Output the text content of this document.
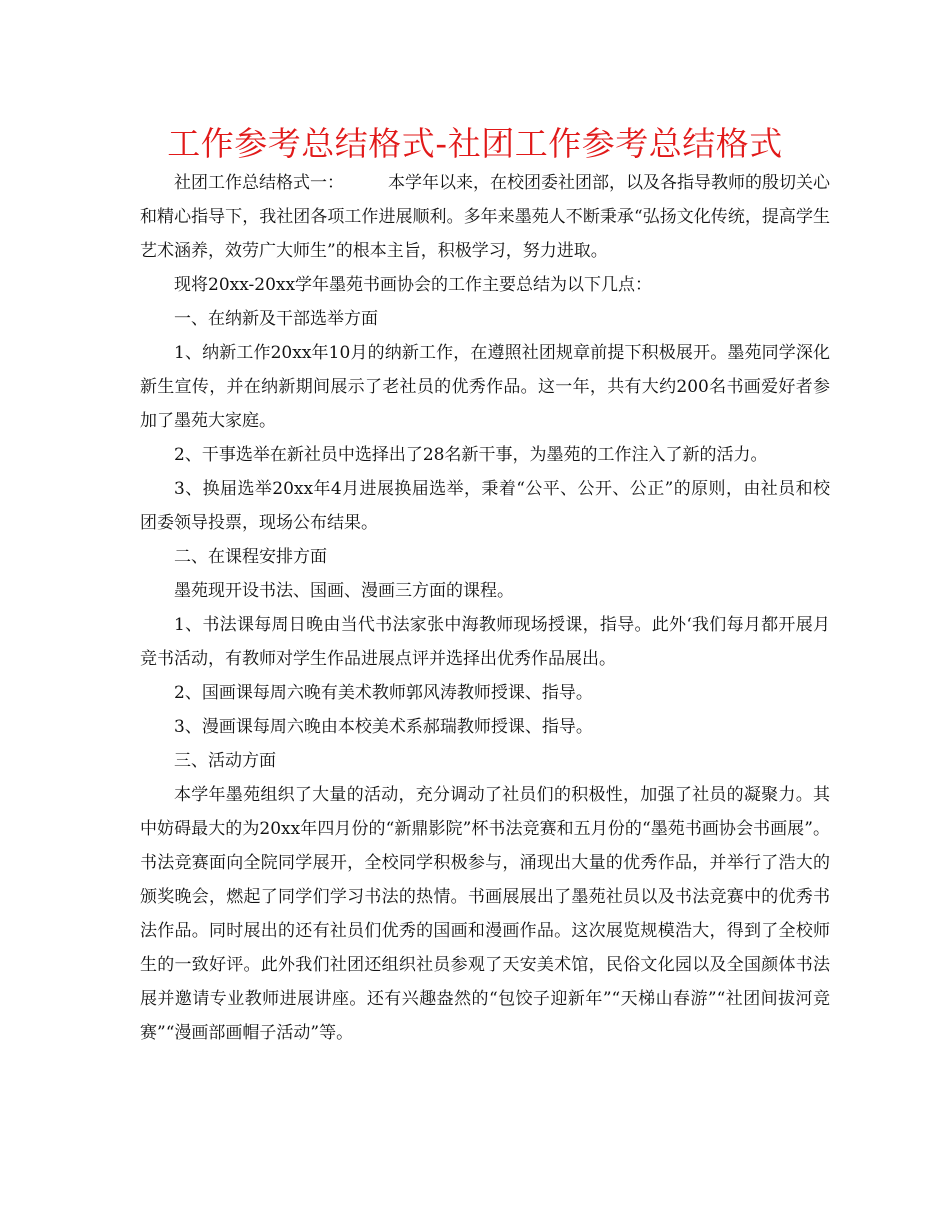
工作参考总结格式-社团工作参考总结格式

社团工作总结格式一：	本学年以来，在校团委社团部，以及各指导教师的殷切关心和精心指导下，我社团各项工作进展顺利。多年来墨苑人不断秉承“弘扬文化传统，提高学生艺术涵养，效劳广大师生”的根本主旨，积极学习，努力进取。

现将20xx-20xx学年墨苑书画协会的工作主要总结为以下几点：

一、在纳新及干部选举方面

1、纳新工作20xx年10月的纳新工作，在遵照社团规章前提下积极展开。墨苑同学深化新生宣传，并在纳新期间展示了老社员的优秀作品。这一年，共有大约200名书画爱好者参加了墨苑大家庭。

2、干事选举在新社员中选择出了28名新干事，为墨苑的工作注入了新的活力。

3、换届选举20xx年4月进展换届选举，秉着“公平、公开、公正”的原则，由社员和校团委领导投票，现场公布结果。

二、在课程安排方面

墨苑现开设书法、国画、漫画三方面的课程。

1、书法课每周日晚由当代书法家张中海教师现场授课，指导。此外‘我们每月都开展月竞书活动，有教师对学生作品进展点评并选择出优秀作品展出。

2、国画课每周六晚有美术教师郭风涛教师授课、指导。

3、漫画课每周六晚由本校美术系郝瑞教师授课、指导。

三、活动方面

本学年墨苑组织了大量的活动，充分调动了社员们的积极性，加强了社员的凝聚力。其中妨碍最大的为20xx年四月份的“新鼎影院”杯书法竞赛和五月份的“墨苑书画协会书画展”。书法竞赛面向全院同学展开，全校同学积极参与，涌现出大量的优秀作品，并举行了浩大的颁奖晚会，燃起了同学们学习书法的热情。书画展展出了墨苑社员以及书法竞赛中的优秀书法作品。同时展出的还有社员们优秀的国画和漫画作品。这次展览规模浩大，得到了全校师生的一致好评。此外我们社团还组织社员参观了天安美术馆，民俗文化园以及全国颜体书法展并邀请专业教师进展讲座。还有兴趣盎然的“包饺子迎新年”“天梯山春游”“社团间拔河竞赛”“漫画部画帽子活动”等。
